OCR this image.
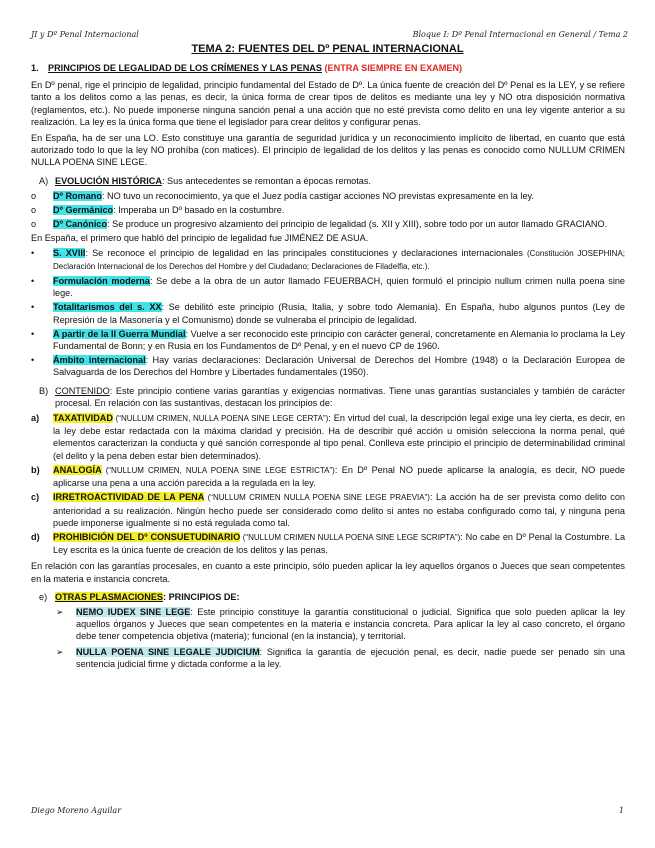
JI y Dº Penal Internacional	Bloque I: Dº Penal Internacional en General / Tema 2
TEMA 2: FUENTES DEL Dº PENAL INTERNACIONAL

1. PRINCIPIOS DE LEGALIDAD DE LOS CRÍMENES Y LAS PENAS (ENTRA SIEMPRE EN EXAMEN)

En Dº penal, rige el principio de legalidad, principio fundamental del Estado de Dº. La única fuente de creación del Dº Penal es la LEY, y se refiere tanto a los delitos como a las penas, es decir, la única forma de crear tipos de delitos es mediante una ley y NO otra disposición normativa (reglamentos, etc.). No puede imponerse ninguna sanción penal a una acción que no esté prevista como delito en una ley vigente anterior a su realización. La ley es la única forma que tiene el legislador para crear delitos y configurar penas.

En España, ha de ser una LO. Esto constituye una garantía de seguridad jurídica y un reconocimiento implícito de libertad, en cuanto que está autorizado todo lo que la ley NO prohíba (con matices). El principio de legalidad de los delitos y las penas es conocido como NULLUM CRIMEN NULLA POENA SINE LEGE.

A) EVOLUCIÓN HISTÓRICA: Sus antecedentes se remontan a épocas remotas.

o Dº Romano: NO tuvo un reconocimiento, ya que el Juez podía castigar acciones NO previstas expresamente en la ley.

o Dº Germánico: Imperaba un Dº basado en la costumbre.

o Dº Canónico: Se produce un progresivo alzamiento del principio de legalidad (s. XII y XIII), sobre todo por un autor llamado GRACIANO.

En España, el primero que habló del principio de legalidad fue JIMÉNEZ DE ASUA.

• S. XVIII: Se reconoce el principio de legalidad en las principales constituciones y declaraciones internacionales (Constitución JOSEPHINA; Declaración Internacional de los Derechos del Hombre y del Ciudadano; Declaraciones de Filadelfia, etc.).

• Formulación moderna: Se debe a la obra de un autor llamado FEUERBACH, quien formuló el principio nullum crimen nulla poena sine lege.

• Totalitarismos del s. XX: Se debilitó este principio (Rusia, Italia, y sobre todo Alemania). En España, hubo algunos puntos (Ley de Represión de la Masonería y el Comunismo) donde se vulneraba el principio de legalidad.

• A partir de la II Guerra Mundial: Vuelve a ser reconocido este principio con carácter general, concretamente en Alemania lo proclama la Ley Fundamental de Bonn; y en Rusia en los Fundamentos de Dº Penal, y en el nuevo CP de 1960.

• Ámbito internacional: Hay varias declaraciones: Declaración Universal de Derechos del Hombre (1948) o la Declaración Europea de Salvaguarda de los Derechos del Hombre y Libertades fundamentales (1950).

B) CONTENIDO: Este principio contiene varias garantías y exigencias normativas. Tiene unas garantías sustanciales y también de carácter procesal. En relación con las sustantivas, destacan los principios de:

a) TAXATIVIDAD (“NULLUM CRIMEN, NULLA POENA SINE LEGE CERTA”): En virtud del cual, la descripción legal exige una ley cierta, es decir, en la ley debe estar redactada con la máxima claridad y precisión. Ha de describir qué acción u omisión selecciona la norma penal, qué elementos caracterizan la conducta y qué sanción corresponde al tipo penal. Conlleva este principio el principio de determinabilidad criminal (el delito y la pena deben estar bien determinados).

b) ANALOGÍA (“NULLUM CRIMEN, NULA POENA SINE LEGE ESTRICTA”): En Dº Penal NO puede aplicarse la analogía, es decir, NO puede aplicarse una pena a una acción parecida a la regulada en la ley.

c) IRRETROACTIVIDAD DE LA PENA (“NULLUM CRIMEN NULLA POENA SINE LEGE PRAEVIA”): La acción ha de ser prevista como delito con anterioridad a su realización. Ningún hecho puede ser considerado como delito si antes no estaba configurado como tal, y ninguna pena puede imponerse igualmente si no está regulada como tal.

d) PROHIBICIÓN DEL Dº CONSUETUDINARIO (“NULLUM CRIMEN NULLA POENA SINE LEGE SCRIPTA”): No cabe en Dº Penal la Costumbre. La Ley escrita es la única fuente de creación de los delitos y las penas.

En relación con las garantías procesales, en cuanto a este principio, sólo pueden aplicar la ley aquellos órganos o Jueces que sean competentes en la materia e instancia concreta.

e) OTRAS PLASMACIONES: PRINCIPIOS DE:

➢ NEMO IUDEX SINE LEGE: Este principio constituye la garantía constitucional o judicial. Significa que solo pueden aplicar la ley aquellos órganos y Jueces que sean competentes en la materia e instancia concreta. Para aplicar la ley al caso concreto, el órgano debe tener competencia objetiva (materia); funcional (en la instancia), y territorial.

➢ NULLA POENA SINE LEGALE JUDICIUM: Significa la garantía de ejecución penal, es decir, nadie puede ser penado sin una sentencia judicial firme y dictada conforme a la ley.

Diego Moreno Aguilar	1
